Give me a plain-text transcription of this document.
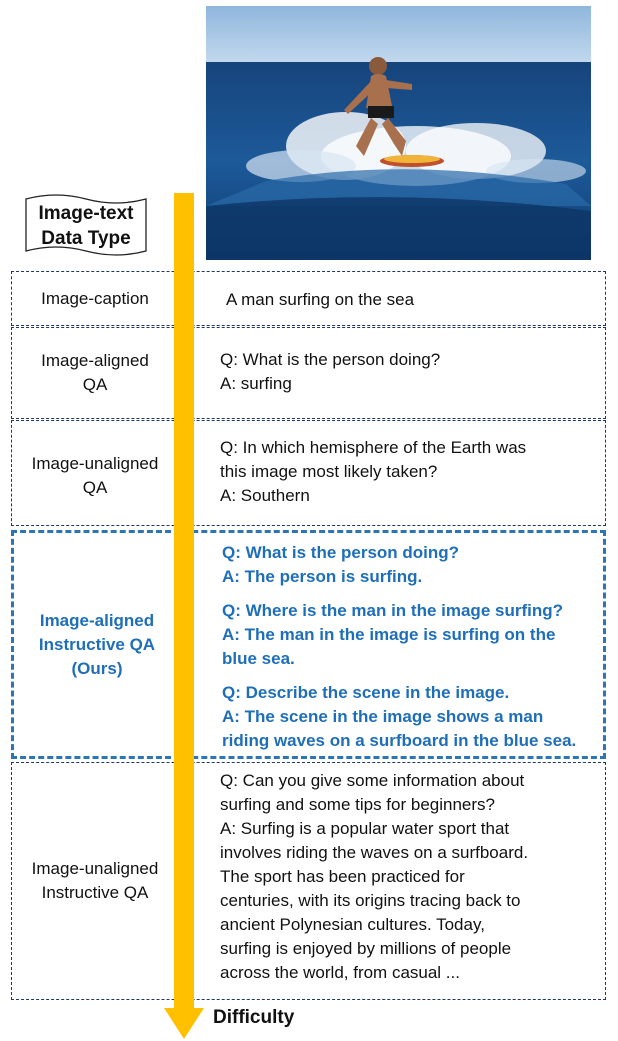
Image-caption	A man surfing on the sea
Image-aligned
QA
Q: What is the person doing?
A: surfing
Image-unaligned
QA
Q: In which hemisphere of the Earth was
this image most likely taken?
A: Southern
Image-aligned
Instructive QA
(Ours)
Q: What is the person doing?
A: The person is surfing.
Q: Where is the man in the image surfing?
A: The man in the image is surfing on the
blue sea.
Q: Describe the scene in the image.
A: The scene in the image shows a man
riding waves on a surfboard in the blue sea.
Image-unaligned
Instructive QA
Q: Can you give some information about
surfing and some tips for beginners?
A: Surfing is a popular water sport that
involves riding the waves on a surfboard.
The sport has been practiced for
centuries, with its origins tracing back to
ancient Polynesian cultures. Today,
surfing is enjoyed by millions of people
across the world, from casual ...
Image-text
Data Type
Difficulty
